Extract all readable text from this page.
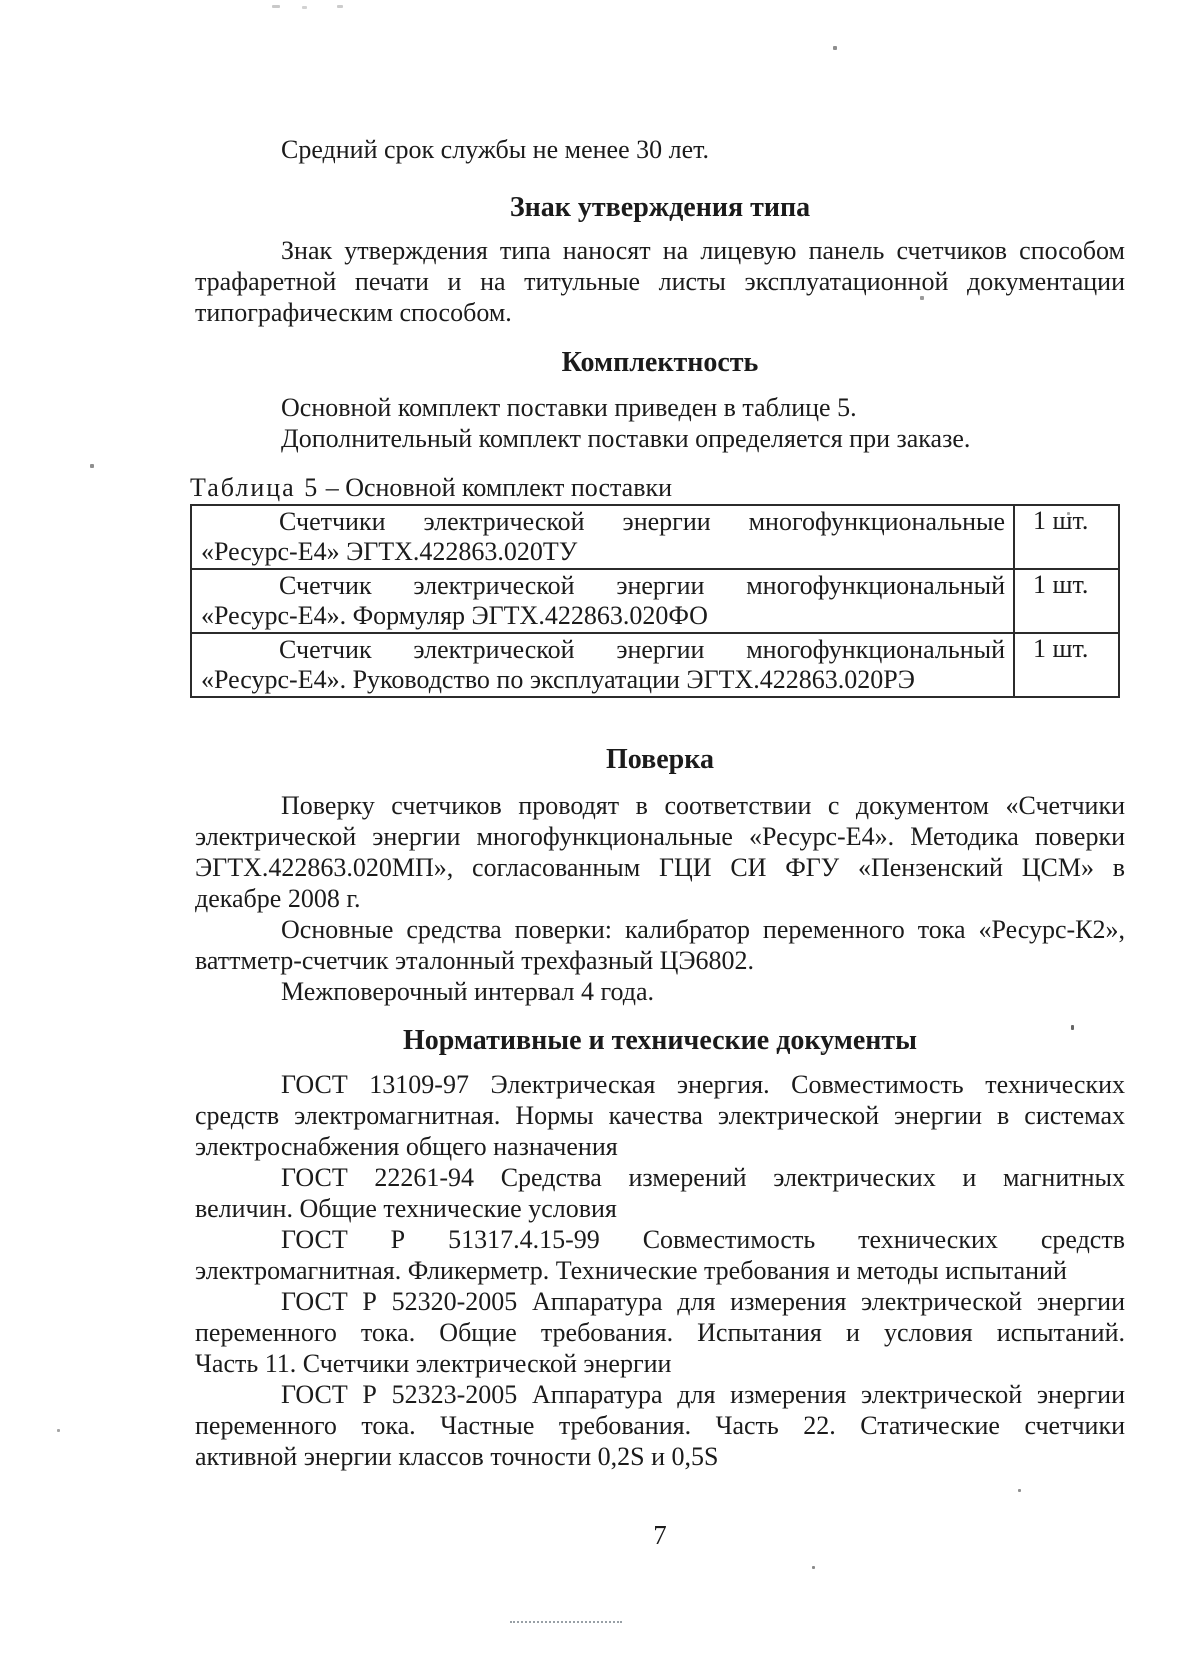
Средний срок службы не менее 30 лет.
Знак утверждения типа
Знак утверждения типа наносят на лицевую панель счетчиков способом
трафаретной печати и на титульные листы эксплуатационной документации
типографическим способом.
Комплектность
Основной комплект поставки приведен в таблице 5.
Дополнительный комплект поставки определяется при заказе.
Таблица 5 – Основной комплект поставки
Счетчики электрической энергии многофункциональные
«Ресурс-Е4» ЭГТХ.422863.020ТУ	1 шт.

Счетчик электрической энергии многофункциональный
«Ресурс-Е4». Формуляр ЭГТХ.422863.020ФО	1 шт.

Счетчик электрической энергии многофункциональный
«Ресурс-Е4». Руководство по эксплуатации ЭГТХ.422863.020РЭ	1 шт.
Поверка
Поверку счетчиков проводят в соответствии с документом «Счетчики
электрической энергии многофункциональные «Ресурс-Е4». Методика поверки
ЭГТХ.422863.020МП», согласованным ГЦИ СИ ФГУ «Пензенский ЦСМ» в
декабре 2008 г.
Основные средства поверки: калибратор переменного тока «Ресурс-К2»,
ваттметр-счетчик эталонный трехфазный ЦЭ6802.
Межповерочный интервал 4 года.
Нормативные и технические документы
ГОСТ 13109-97 Электрическая энергия. Совместимость технических
средств электромагнитная. Нормы качества электрической энергии в системах
электроснабжения общего назначения
ГОСТ 22261-94 Средства измерений электрических и магнитных
величин. Общие технические условия
ГОСТ Р 51317.4.15-99 Совместимость технических средств
электромагнитная. Фликерметр. Технические требования и методы испытаний
ГОСТ Р 52320-2005 Аппаратура для измерения электрической энергии
переменного тока. Общие требования. Испытания и условия испытаний.
Часть 11. Счетчики электрической энергии
ГОСТ Р 52323-2005 Аппаратура для измерения электрической энергии
переменного тока. Частные требования. Часть 22. Статические счетчики
активной энергии классов точности 0,2S и 0,5S
7
